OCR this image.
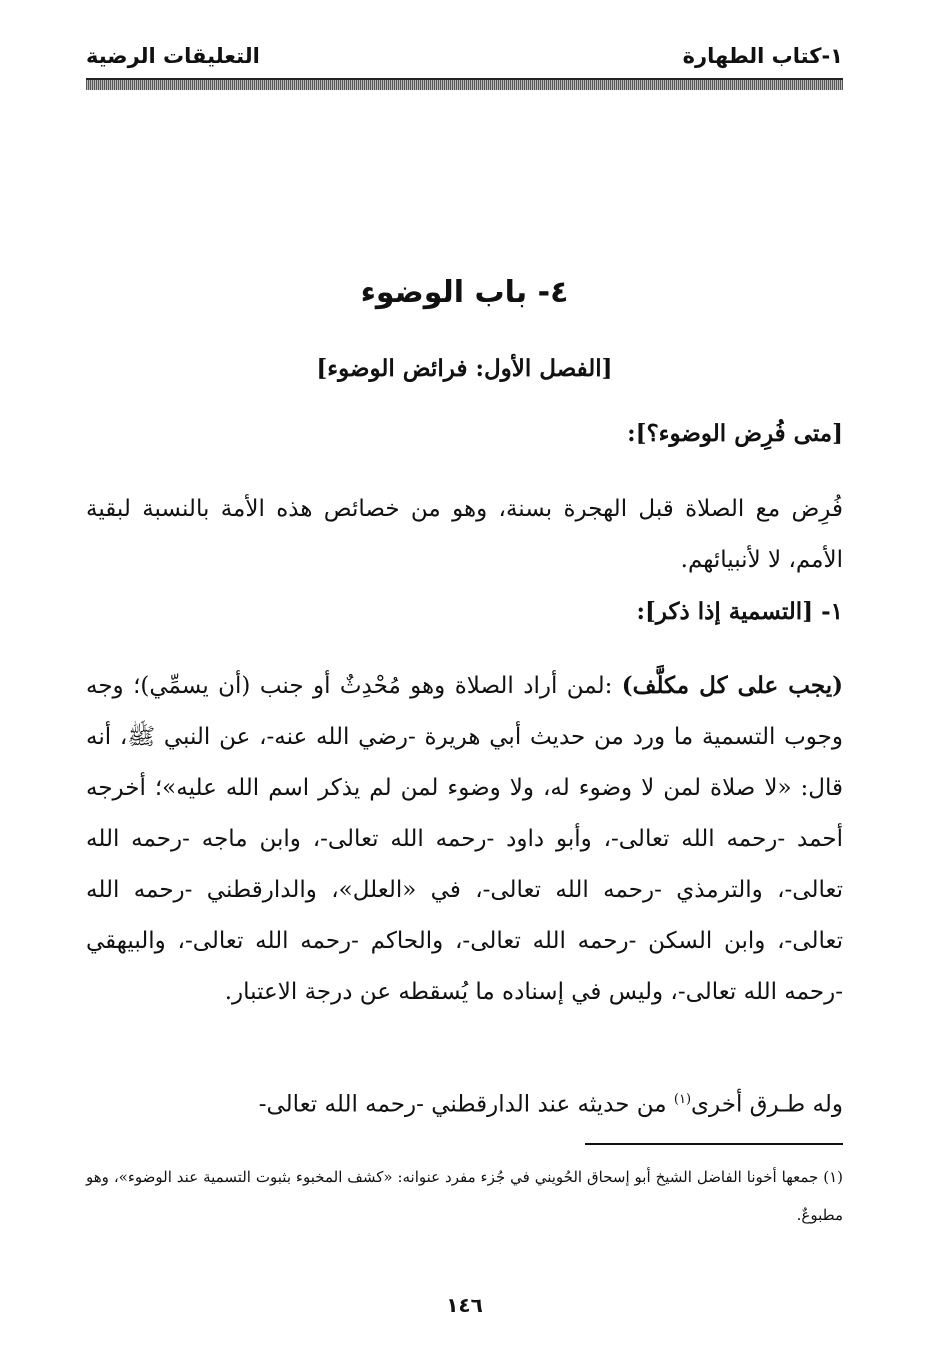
١-كتاب الطهارة
التعليقات الرضية
٤- باب الوضوء
[الفصل الأول: فرائض الوضوء]
[متى فُرِض الوضوء؟]:
فُرِض مع الصلاة قبل الهجرة بسنة، وهو من خصائص هذه الأمة بالنسبة لبقية الأمم، لا لأنبيائهم.
١- [التسمية إذا ذكر]:
(يجب على كل مكلَّف) :لمن أراد الصلاة وهو مُحْدِثٌ أو جنب (أن يسمِّي)؛ وجه وجوب التسمية ما ورد من حديث أبي هريرة -رضي الله عنه-، عن النبي ﷺ، أنه قال: «لا صلاة لمن لا وضوء له، ولا وضوء لمن لم يذكر اسم الله عليه»؛ أخرجه أحمد -رحمه الله تعالى-، وأبو داود -رحمه الله تعالى-، وابن ماجه -رحمه الله تعالى-، والترمذي -رحمه الله تعالى-، في «العلل»، والدارقطني -رحمه الله تعالى-، وابن السكن -رحمه الله تعالى-، والحاكم -رحمه الله تعالى-، والبيهقي -رحمه الله تعالى-، وليس في إسناده ما يُسقطه عن درجة الاعتبار.
وله طـرق أخرى$^{(١)}$ من حديثه عند الدارقطني -رحمه الله تعالى-
(١) جمعها أخونا الفاضل الشيخ أبو إسحاق الحُويني في جُزء مفرد عنوانه: «كشف المخبوء بثبوت التسمية عند الوضوء»، وهو مطبوعٌ.
١٤٦
